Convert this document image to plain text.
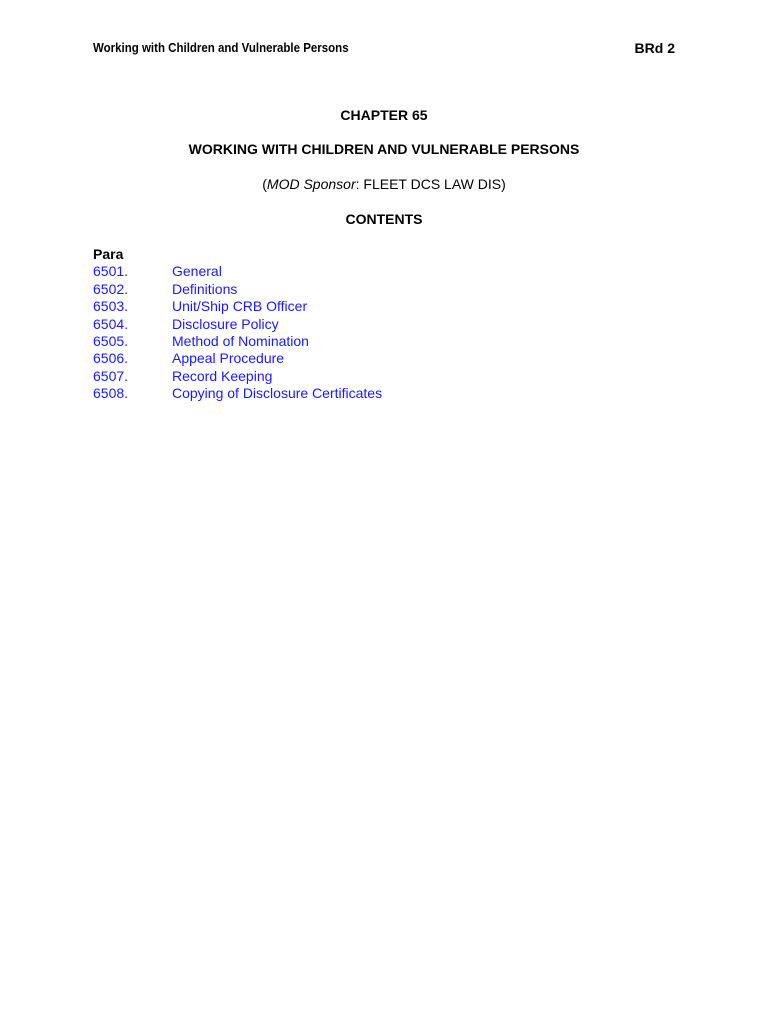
Working with Children and Vulnerable Persons	BRd 2
CHAPTER 65
WORKING WITH CHILDREN AND VULNERABLE PERSONS
(MOD Sponsor: FLEET DCS LAW DIS)
CONTENTS
Para
6501.	General
6502.	Definitions
6503.	Unit/Ship CRB Officer
6504.	Disclosure Policy
6505.	Method of Nomination
6506.	Appeal Procedure
6507.	Record Keeping
6508.	Copying of Disclosure Certificates
